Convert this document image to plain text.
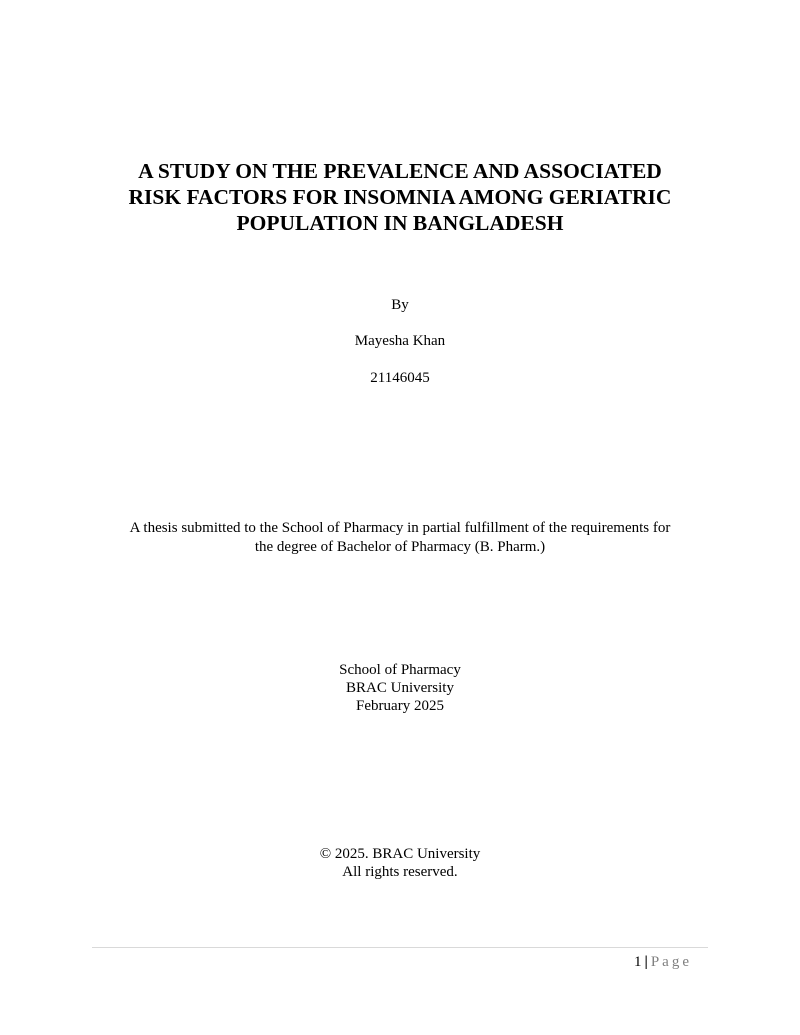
A STUDY ON THE PREVALENCE AND ASSOCIATED
RISK FACTORS FOR INSOMNIA AMONG GERIATRIC
POPULATION IN BANGLADESH
By
Mayesha Khan
21146045
A thesis submitted to the School of Pharmacy in partial fulfillment of the requirements for
the degree of Bachelor of Pharmacy (B. Pharm.)
School of Pharmacy
BRAC University
February 2025
© 2025. BRAC University
All rights reserved.
1 | Page
